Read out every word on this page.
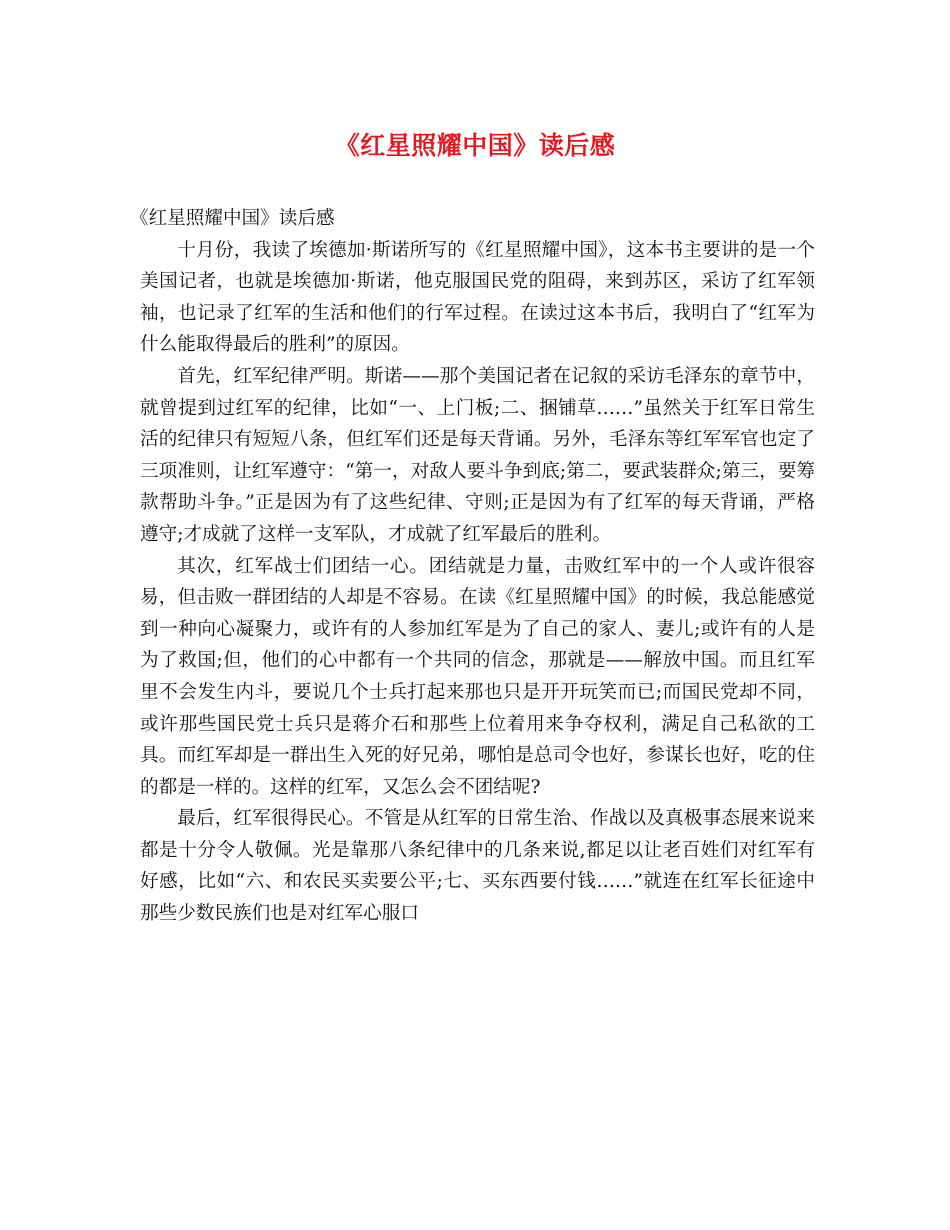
《红星照耀中国》读后感

《红星照耀中国》读后感

十月份，我读了埃德加·斯诺所写的《红星照耀中国》，这本书主要讲的是一个美国记者，也就是埃德加·斯诺，他克服国民党的阻碍，来到苏区，采访了红军领袖，也记录了红军的生活和他们的行军过程。在读过这本书后，我明白了“红军为什么能取得最后的胜利”的原因。

首先，红军纪律严明。斯诺——那个美国记者在记叙的采访毛泽东的章节中，就曾提到过红军的纪律，比如“一、上门板;二、捆铺草……”虽然关于红军日常生活的纪律只有短短八条，但红军们还是每天背诵。另外，毛泽东等红军军官也定了三项准则，让红军遵守：“第一，对敌人要斗争到底;第二，要武装群众;第三，要筹款帮助斗争。”正是因为有了这些纪律、守则;正是因为有了红军的每天背诵，严格遵守;才成就了这样一支军队，才成就了红军最后的胜利。

其次，红军战士们团结一心。团结就是力量，击败红军中的一个人或许很容易，但击败一群团结的人却是不容易。在读《红星照耀中国》的时候，我总能感觉到一种向心凝聚力，或许有的人参加红军是为了自己的家人、妻儿;或许有的人是为了救国;但，他们的心中都有一个共同的信念，那就是——解放中国。而且红军里不会发生内斗，要说几个士兵打起来那也只是开开玩笑而已;而国民党却不同，或许那些国民党士兵只是蒋介石和那些上位着用来争夺权利，满足自己私欲的工具。而红军却是一群出生入死的好兄弟，哪怕是总司令也好，参谋长也好，吃的住的都是一样的。这样的红军，又怎么会不团结呢?

最后，红军很得民心。不管是从红军的日常生治、作战以及真极事态展来说来都是十分令人敬佩。光是靠那八条纪律中的几条来说,都足以让老百姓们对红军有好感，比如“六、和农民买卖要公平;七、买东西要付钱……”就连在红军长征途中那些少数民族们也是对红军心服口
